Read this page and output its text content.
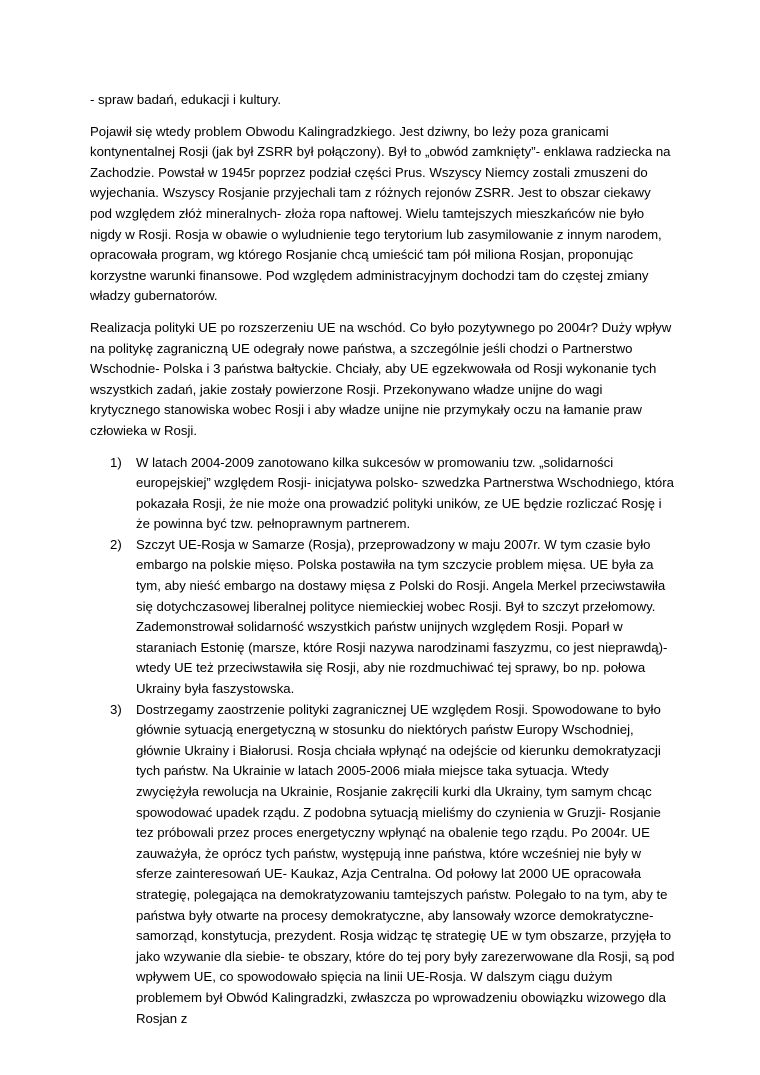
- spraw badań, edukacji i kultury.

Pojawił się wtedy problem Obwodu Kalingradzkiego. Jest dziwny, bo leży poza granicami kontynentalnej Rosji (jak był ZSRR był połączony). Był to „obwód zamknięty”- enklawa radziecka na Zachodzie. Powstał w 1945r poprzez podział części Prus. Wszyscy Niemcy zostali zmuszeni do wyjechania. Wszyscy Rosjanie przyjechali tam z różnych rejonów ZSRR. Jest to obszar ciekawy pod względem złóż mineralnych- złoża ropa naftowej. Wielu tamtejszych mieszkańców nie było nigdy w Rosji. Rosja w obawie o wyludnienie tego terytorium lub zasymilowanie z innym narodem, opracowała program, wg którego Rosjanie chcą umieścić tam pół miliona Rosjan, proponując korzystne warunki finansowe. Pod względem administracyjnym dochodzi tam do częstej zmiany władzy gubernatorów.

Realizacja polityki UE po rozszerzeniu UE na wschód. Co było pozytywnego po 2004r? Duży wpływ na politykę zagraniczną UE odegrały nowe państwa, a szczególnie jeśli chodzi o Partnerstwo Wschodnie- Polska i 3 państwa bałtyckie. Chciały, aby UE egzekwowała od Rosji wykonanie tych wszystkich zadań, jakie zostały powierzone Rosji. Przekonywano władze unijne do wagi krytycznego stanowiska wobec Rosji i aby władze unijne nie przymykały oczu na łamanie praw człowieka w Rosji.

1) W latach 2004-2009 zanotowano kilka sukcesów w promowaniu tzw. „solidarności europejskiej” względem Rosji- inicjatywa polsko- szwedzka Partnerstwa Wschodniego, która pokazała Rosji, że nie może ona prowadzić polityki uników, ze UE będzie rozliczać Rosję i że powinna być tzw. pełnoprawnym partnerem.
2) Szczyt UE-Rosja w Samarze (Rosja), przeprowadzony w maju 2007r. W tym czasie było embargo na polskie mięso. Polska postawiła na tym szczycie problem mięsa. UE była za tym, aby nieść embargo na dostawy mięsa z Polski do Rosji. Angela Merkel przeciwstawiła się dotychczasowej liberalnej polityce niemieckiej wobec Rosji. Był to szczyt przełomowy. Zademonstrował solidarność wszystkich państw unijnych względem Rosji. Poparł w staraniach Estonię (marsze, które Rosji nazywa narodzinami faszyzmu, co jest nieprawdą)- wtedy UE też przeciwstawiła się Rosji, aby nie rozdmuchiwać tej sprawy, bo np. połowa Ukrainy była faszystowska.
3) Dostrzegamy zaostrzenie polityki zagranicznej UE względem Rosji. Spowodowane to było głównie sytuacją energetyczną w stosunku do niektórych państw Europy Wschodniej, głównie Ukrainy i Białorusi. Rosja chciała wpłynąć na odejście od kierunku demokratyzacji tych państw. Na Ukrainie w latach 2005-2006 miała miejsce taka sytuacja. Wtedy zwyciężyła rewolucja na Ukrainie, Rosjanie zakręcili kurki dla Ukrainy, tym samym chcąc spowodować upadek rządu. Z podobna sytuacją mieliśmy do czynienia w Gruzji- Rosjanie tez próbowali przez proces energetyczny wpłynąć na obalenie tego rządu. Po 2004r. UE zauważyła, że oprócz tych państw, występują inne państwa, które wcześniej nie były w sferze zainteresowań UE- Kaukaz, Azja Centralna. Od połowy lat 2000 UE opracowała strategię, polegająca na demokratyzowaniu tamtejszych państw. Polegało to na tym, aby te państwa były otwarte na procesy demokratyczne, aby lansowały wzorce demokratyczne- samorząd, konstytucja, prezydent. Rosja widząc tę strategię UE w tym obszarze, przyjęła to jako wzywanie dla siebie- te obszary, które do tej pory były zarezerwowane dla Rosji, są pod wpływem UE, co spowodowało spięcia na linii UE-Rosja. W dalszym ciągu dużym problemem był Obwód Kalingradzki, zwłaszcza po wprowadzeniu obowiązku wizowego dla Rosjan z
